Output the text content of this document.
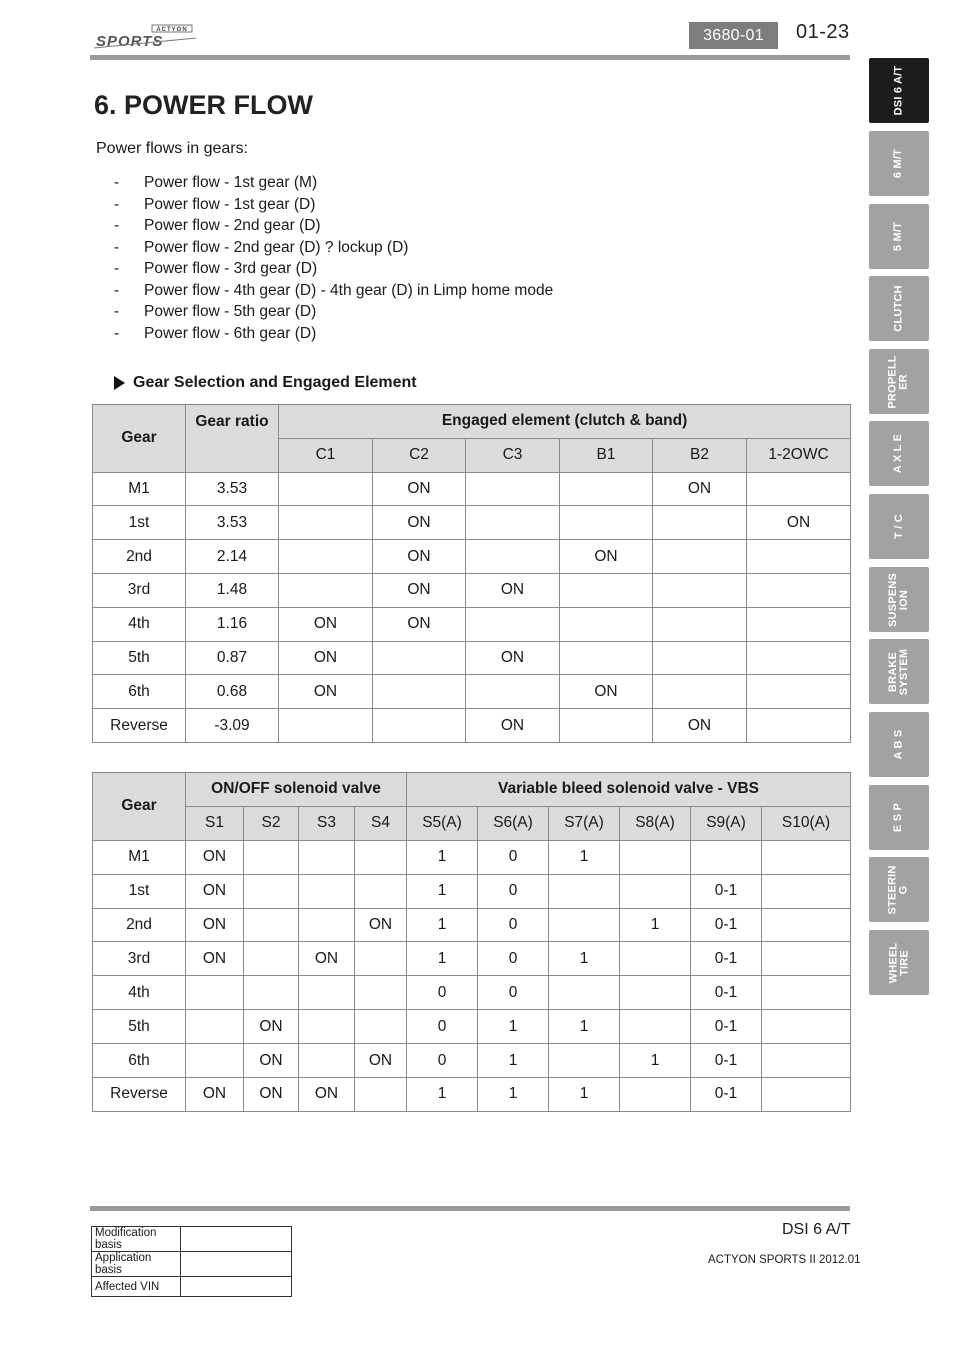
ACTYON
SPORTS	3680-01	01-23
DSI 6 A/T
6 M/T
5 M/T
CLUTCH
PROPELL
ER
A X L E
T / C
SUSPENS
ION
BRAKE
SYSTEM
A B S
E S P
STEERIN
G
WHEEL
TIRE
6. POWER FLOW
Power flows in gears:
- Power flow - 1st gear (M)
- Power flow - 1st gear (D)
- Power flow - 2nd gear (D)
- Power flow - 2nd gear (D) ? lockup (D)
- Power flow - 3rd gear (D)
- Power flow - 4th gear (D) - 4th gear (D) in Limp home mode
- Power flow - 5th gear (D)
- Power flow - 6th gear (D)
Gear Selection and Engaged Element
Gear	Gear ratio	Engaged element (clutch & band)					
		C1	C2	C3	B1	B2	1-2OWC
M1	3.53		ON			ON	
1st	3.53		ON				ON
2nd	2.14		ON		ON		
3rd	1.48		ON	ON			
4th	1.16	ON	ON				
5th	0.87	ON		ON			
6th	0.68	ON			ON		
Reverse	-3.09			ON		ON	
Gear	ON/OFF solenoid valve				Variable bleed solenoid valve - VBS					
	S1	S2	S3	S4	S5(A)	S6(A)	S7(A)	S8(A)	S9(A)	S10(A)
M1	ON				1	0	1			
1st	ON				1	0			0-1	
2nd	ON			ON	1	0		1	0-1	
3rd	ON		ON		1	0	1		0-1	
4th					0	0			0-1	
5th		ON			0	1	1		0-1	
6th		ON		ON	0	1		1	0-1	
Reverse	ON	ON	ON		1	1	1		0-1	
Modification basis	
Application basis	
Affected VIN	
DSI 6 A/T
ACTYON SPORTS II 2012.01
